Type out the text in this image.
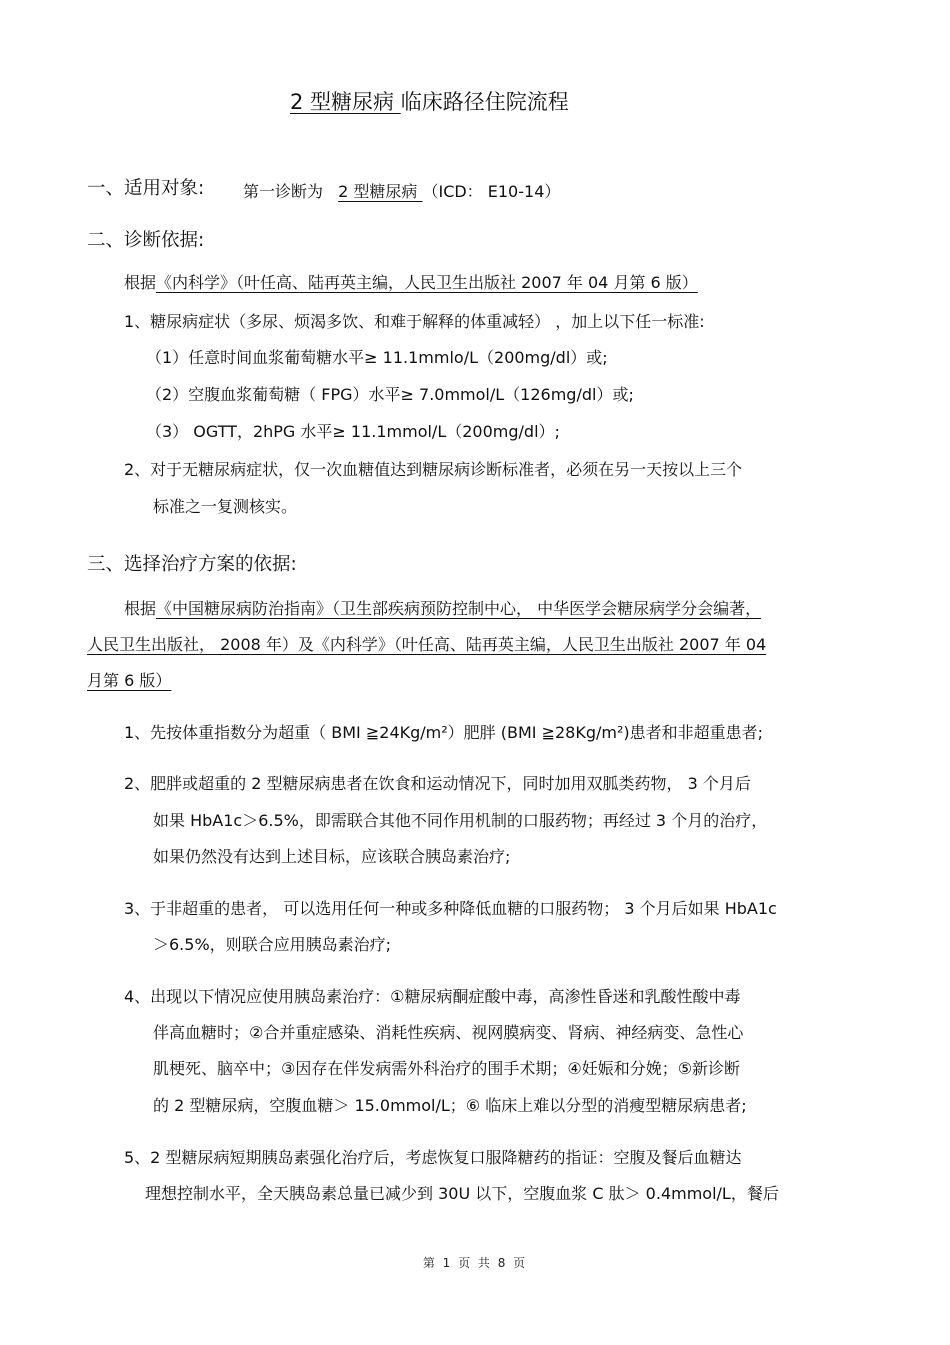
2 型糖尿病 临床路径住院流程
一、适用对象: 第一诊断为 2 型糖尿病 （ICD： E10-14）
二、诊断依据:
根据《内科学》（叶任高、陆再英主编，人民卫生出版社 2007 年 04 月第 6 版）
1、糖尿病症状（多尿、烦渴多饮、和难于解释的体重减轻） ，加上以下任一标准:
（1）任意时间血浆葡萄糖水平≥ 11.1mmlo/L（200mg/dl）或;
（2）空腹血浆葡萄糖（ FPG）水平≥ 7.0mmol/L（126mg/dl）或;
（3） OGTT，2hPG 水平≥ 11.1mmol/L（200mg/dl）;
2、对于无糖尿病症状，仅一次血糖值达到糖尿病诊断标准者，必须在另一天按以上三个
标准之一复测核实。
三、选择治疗方案的依据:
根据《中国糖尿病防治指南》（卫生部疾病预防控制中心， 中华医学会糖尿病学分会编著，
人民卫生出版社， 2008 年）及《内科学》（叶任高、陆再英主编，人民卫生出版社 2007 年 04
月第 6 版）
1、先按体重指数分为超重（ BMI ≧24Kg/m²）肥胖 (BMI ≧28Kg/m²)患者和非超重患者;
2、肥胖或超重的 2 型糖尿病患者在饮食和运动情况下，同时加用双胍类药物， 3 个月后
如果 HbA1c＞6.5%，即需联合其他不同作用机制的口服药物；再经过 3 个月的治疗，
如果仍然没有达到上述目标，应该联合胰岛素治疗;
3、于非超重的患者， 可以选用任何一种或多种降低血糖的口服药物； 3 个月后如果 HbA1c
＞6.5%，则联合应用胰岛素治疗;
4、出现以下情况应使用胰岛素治疗：①糖尿病酮症酸中毒，高渗性昏迷和乳酸性酸中毒
伴高血糖时；②合并重症感染、消耗性疾病、视网膜病变、肾病、神经病变、急性心
肌梗死、脑卒中；③因存在伴发病需外科治疗的围手术期；④妊娠和分娩；⑤新诊断
的 2 型糖尿病，空腹血糖＞ 15.0mmol/L；⑥ 临床上难以分型的消瘦型糖尿病患者;
5、2 型糖尿病短期胰岛素强化治疗后，考虑恢复口服降糖药的指证：空腹及餐后血糖达
理想控制水平，全天胰岛素总量已减少到 30U 以下，空腹血浆 C 肽＞ 0.4mmol/L，餐后
第 1 页 共 8 页
